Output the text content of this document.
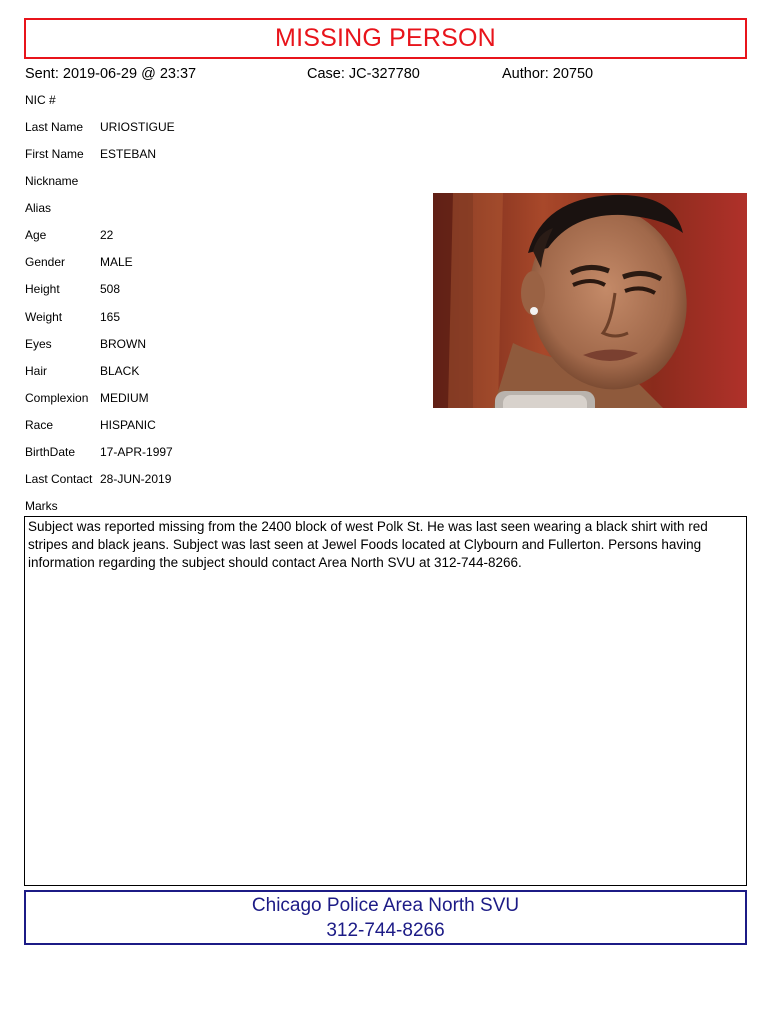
MISSING PERSON
Sent: 2019-06-29 @ 23:37	Case: JC-327780	Author: 20750
NIC #
Last Name URIOSTIGUE
First Name ESTEBAN
Nickname
Alias
Age	22
Gender	MALE
Height	508
Weight	165
Eyes	BROWN
Hair	BLACK
Complexion MEDIUM
Race	HISPANIC
BirthDate 17-APR-1997
Last Contact 28-JUN-2019
Marks

Subject was reported missing from the 2400 block of west Polk St. He was last seen wearing a black shirt with red stripes and black jeans. Subject was last seen at Jewel Foods located at Clybourn and Fullerton. Persons having information regarding the subject should contact Area North SVU at 312-744-8266.

Chicago Police Area North SVU
312-744-8266
